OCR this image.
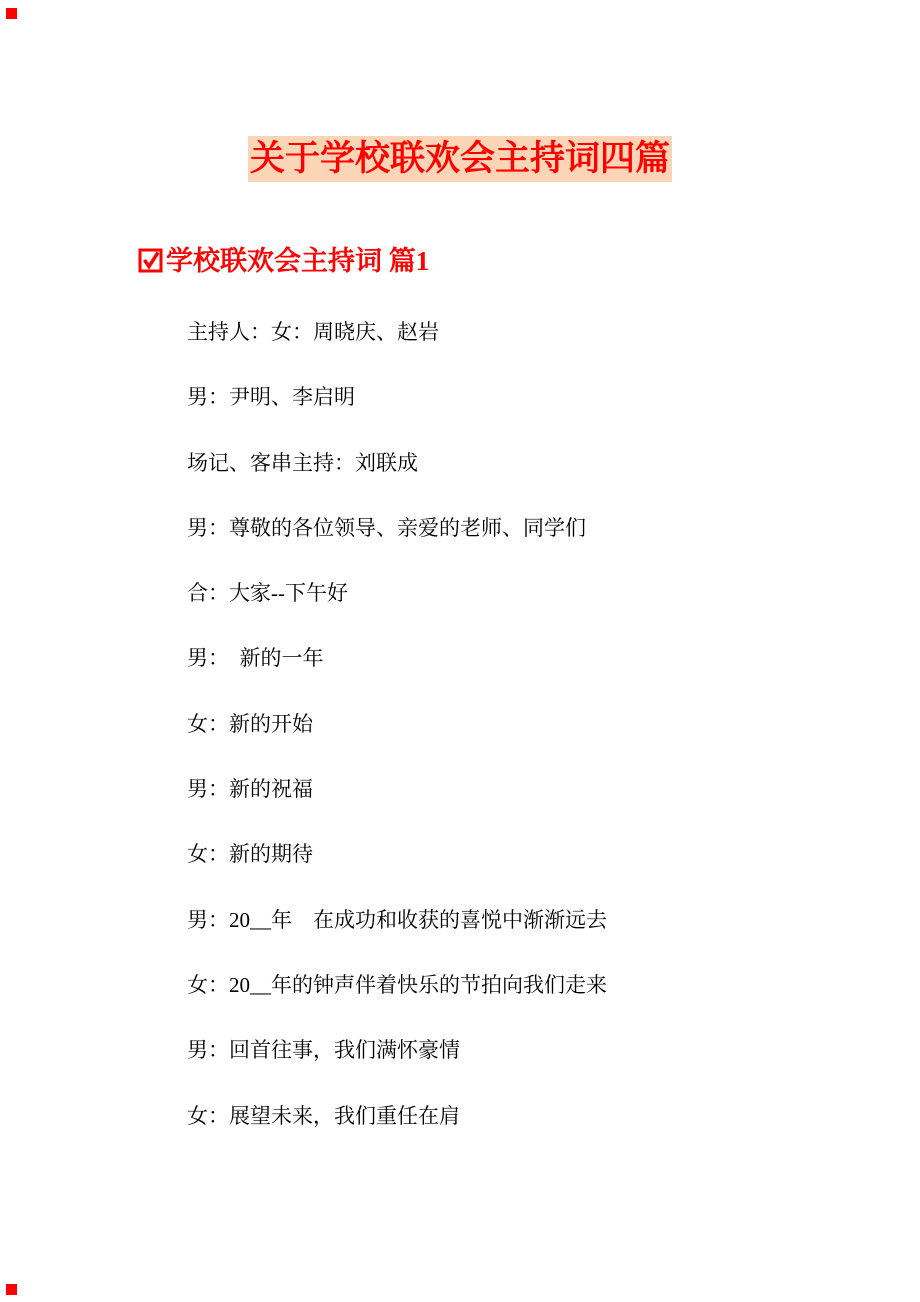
关于学校联欢会主持词四篇
学校联欢会主持词 篇1

主持人：女：周晓庆、赵岩

男：尹明、李启明

场记、客串主持：刘联成

男：尊敬的各位领导、亲爱的老师、同学们

合：大家--下午好

男：　新的一年

女：新的开始

男：新的祝福

女：新的期待

男：20__年　在成功和收获的喜悦中渐渐远去

女：20__年的钟声伴着快乐的节拍向我们走来

男：回首往事，我们满怀豪情

女：展望未来，我们重任在肩
